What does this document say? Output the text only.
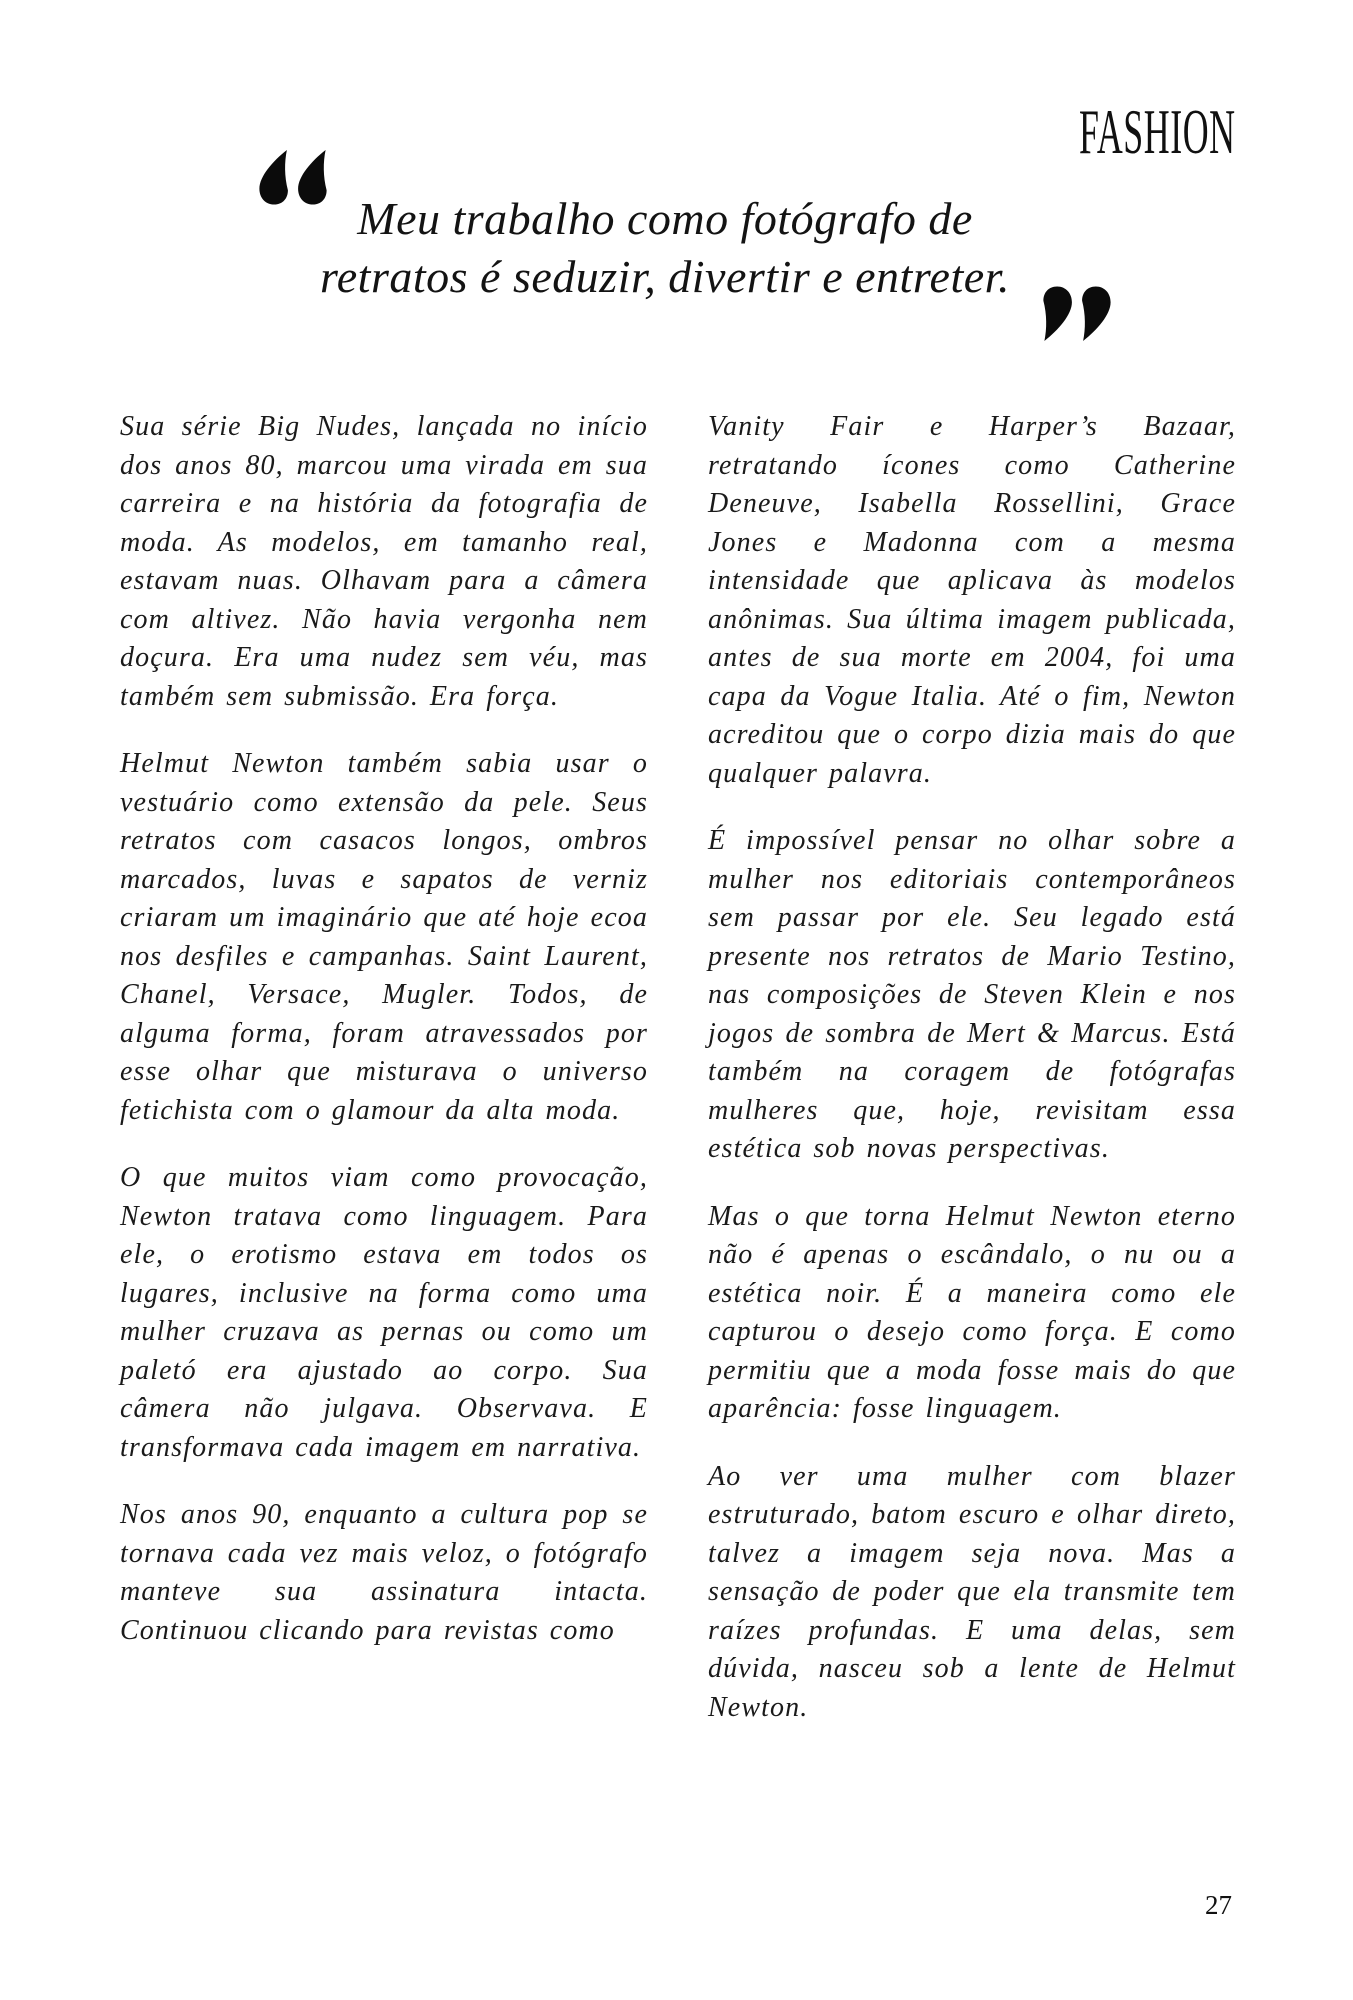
FASHION
Meu trabalho como fotógrafo de
retratos é seduzir, divertir e entreter.

Sua série Big Nudes, lançada no início dos anos 80, marcou uma virada em sua carreira e na história da fotografia de moda. As modelos, em tamanho real, estavam nuas. Olhavam para a câmera com altivez. Não havia vergonha nem doçura. Era uma nudez sem véu, mas também sem submissão. Era força.

Helmut Newton também sabia usar o vestuário como extensão da pele. Seus retratos com casacos longos, ombros marcados, luvas e sapatos de verniz criaram um imaginário que até hoje ecoa nos desfiles e campanhas. Saint Laurent, Chanel, Versace, Mugler. Todos, de alguma forma, foram atravessados por esse olhar que misturava o universo fetichista com o glamour da alta moda.

O que muitos viam como provocação, Newton tratava como linguagem. Para ele, o erotismo estava em todos os lugares, inclusive na forma como uma mulher cruzava as pernas ou como um paletó era ajustado ao corpo. Sua câmera não julgava. Observava. E transformava cada imagem em narrativa.

Nos anos 90, enquanto a cultura pop se tornava cada vez mais veloz, o fotógrafo manteve sua assinatura intacta. Continuou clicando para revistas como

Vanity Fair e Harper’s Bazaar, retratando ícones como Catherine Deneuve, Isabella Rossellini, Grace Jones e Madonna com a mesma intensidade que aplicava às modelos anônimas. Sua última imagem publicada, antes de sua morte em 2004, foi uma capa da Vogue Italia. Até o fim, Newton acreditou que o corpo dizia mais do que qualquer palavra.

É impossível pensar no olhar sobre a mulher nos editoriais contemporâneos sem passar por ele. Seu legado está presente nos retratos de Mario Testino, nas composições de Steven Klein e nos jogos de sombra de Mert & Marcus. Está também na coragem de fotógrafas mulheres que, hoje, revisitam essa estética sob novas perspectivas.

Mas o que torna Helmut Newton eterno não é apenas o escândalo, o nu ou a estética noir. É a maneira como ele capturou o desejo como força. E como permitiu que a moda fosse mais do que aparência: fosse linguagem.

Ao ver uma mulher com blazer estruturado, batom escuro e olhar direto, talvez a imagem seja nova. Mas a sensação de poder que ela transmite tem raízes profundas. E uma delas, sem dúvida, nasceu sob a lente de Helmut Newton.

27
